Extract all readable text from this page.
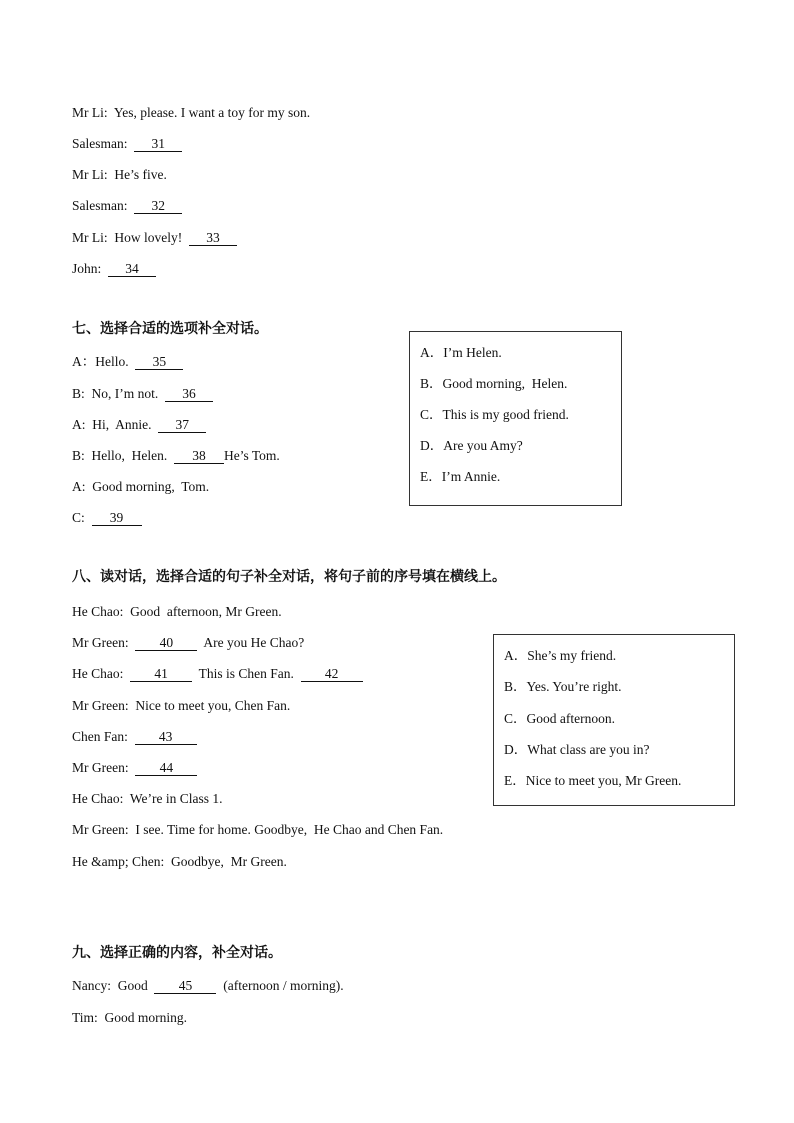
Mr Li:  Yes, please. I want a toy for my son.
Salesman:  31
Mr Li:  He’s five.
Salesman:  32
Mr Li:  How lovely!  33
John:  34
七、选择合适的选项补全对话。
A：Hello.  35
B:  No, I’m not.  36
A:  Hi,  Annie.  37
B:  Hello,  Helen.  38 He’s Tom.
A:  Good morning,  Tom.
C:  39
A．I’m Helen.
B．Good morning,  Helen.
C．This is my good friend.
D．Are you Amy?
E．I’m Annie.
八、读对话，选择合适的句子补全对话，将句子前的序号填在横线上。
He Chao:  Good  afternoon, Mr Green.
Mr Green:  40  Are you He Chao?
He Chao:  41  This is Chen Fan.  42
Mr Green:  Nice to meet you, Chen Fan.
Chen Fan:  43
Mr Green:  44
He Chao:  We’re in Class 1.
Mr Green:  I see. Time for home. Goodbye,  He Chao and Chen Fan.
He &amp; Chen:  Goodbye,  Mr Green.
A．She’s my friend.
B．Yes. You’re right.
C．Good afternoon.
D．What class are you in?
E．Nice to meet you, Mr Green.
九、选择正确的内容，补全对话。
Nancy:  Good  45  (afternoon / morning).
Tim:  Good morning.
